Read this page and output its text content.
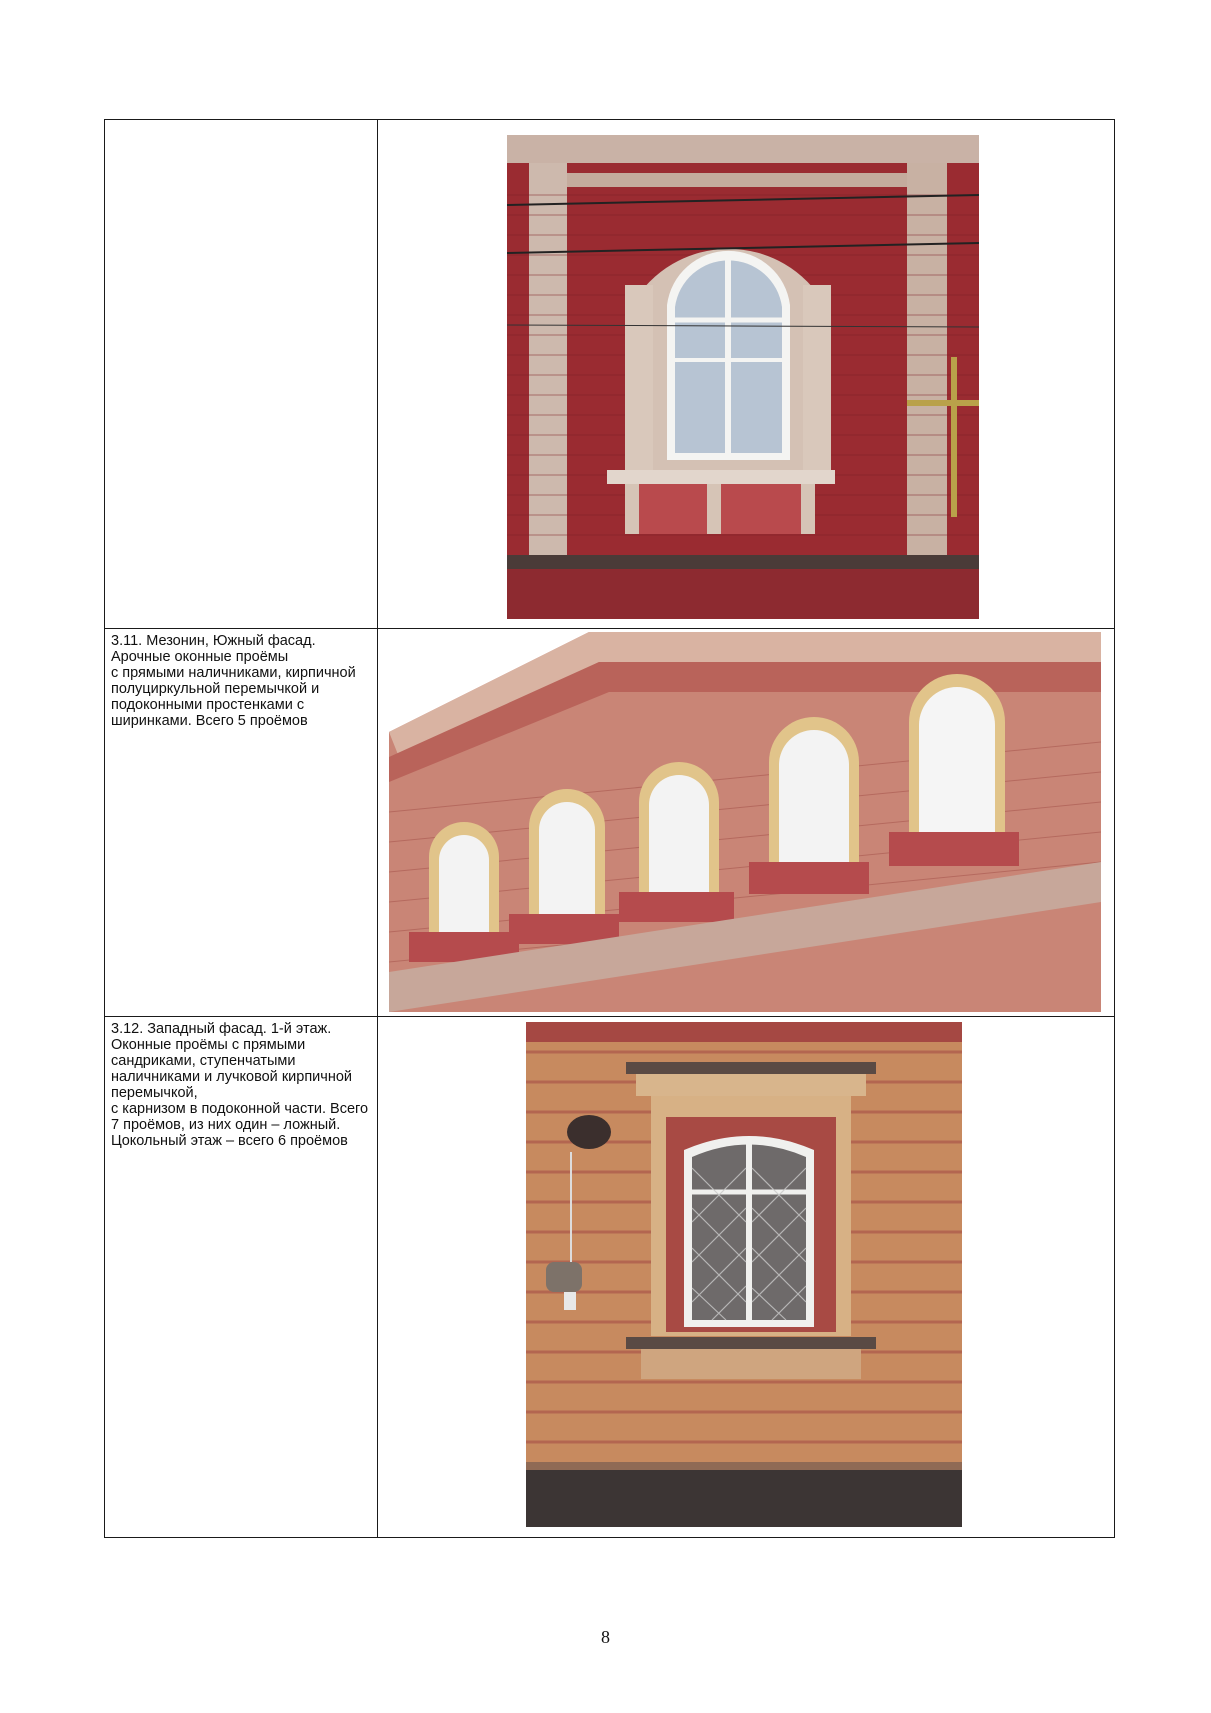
3.11. Мезонин, Южный фасад. Арочные оконные проёмы
с прямыми наличниками, кирпичной полуциркульной перемычкой и подоконными простенками с ширинками. Всего 5 проёмов

3.12. Западный фасад. 1-й этаж. Оконные проёмы с прямыми сандриками, ступенчатыми наличниками и лучковой кирпичной перемычкой,
с карнизом в подоконной части. Всего 7 проёмов, из них один – ложный. Цокольный этаж – всего 6 проёмов

8
